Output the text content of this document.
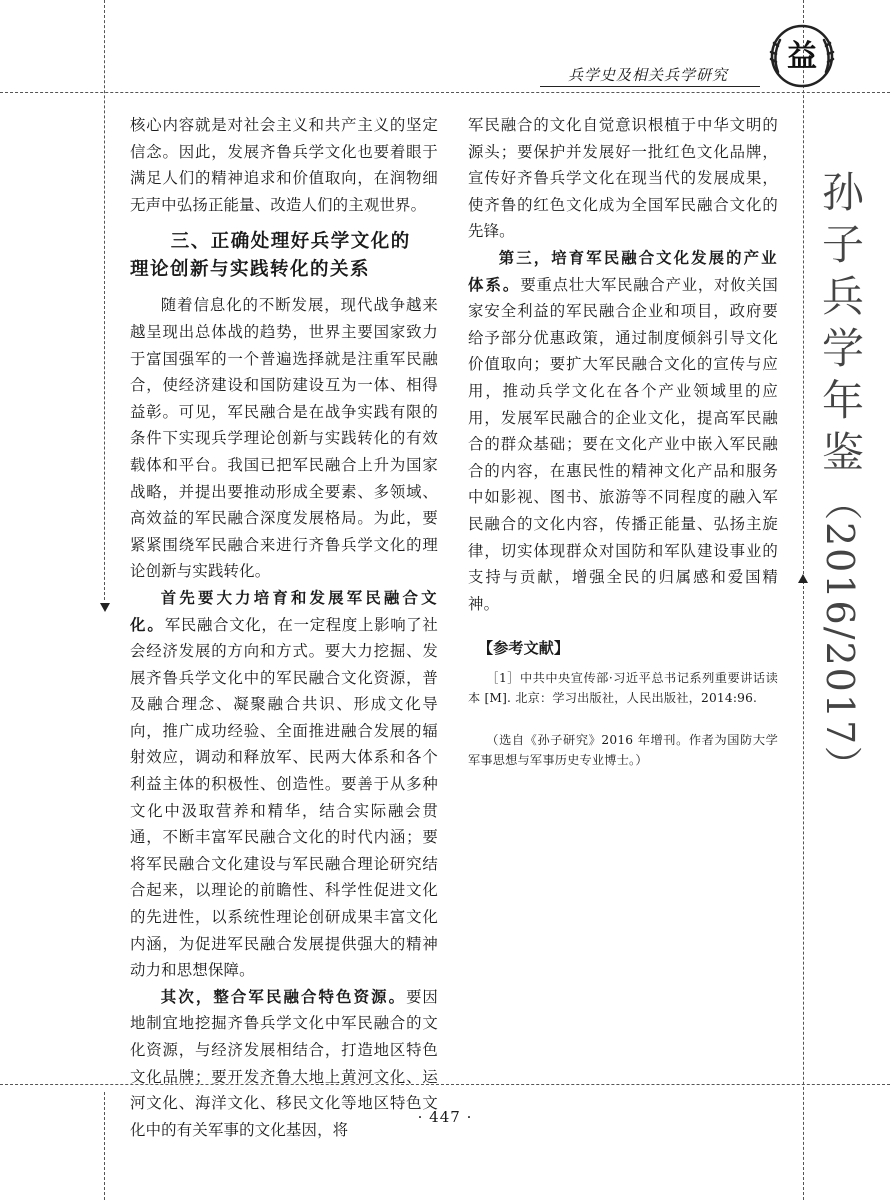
兵学史及相关兵学研究
益
孙子兵学年鉴（2016/2017）

核心内容就是对社会主义和共产主义的坚定信念。因此，发展齐鲁兵学文化也要着眼于满足人们的精神追求和价值取向，在润物细无声中弘扬正能量、改造人们的主观世界。

三、正确处理好兵学文化的
理论创新与实践转化的关系

随着信息化的不断发展，现代战争越来越呈现出总体战的趋势，世界主要国家致力于富国强军的一个普遍选择就是注重军民融合，使经济建设和国防建设互为一体、相得益彰。可见，军民融合是在战争实践有限的条件下实现兵学理论创新与实践转化的有效载体和平台。我国已把军民融合上升为国家战略，并提出要推动形成全要素、多领域、高效益的军民融合深度发展格局。为此，要紧紧围绕军民融合来进行齐鲁兵学文化的理论创新与实践转化。

首先要大力培育和发展军民融合文化。军民融合文化，在一定程度上影响了社会经济发展的方向和方式。要大力挖掘、发展齐鲁兵学文化中的军民融合文化资源，普及融合理念、凝聚融合共识、形成文化导向，推广成功经验、全面推进融合发展的辐射效应，调动和释放军、民两大体系和各个利益主体的积极性、创造性。要善于从多种文化中汲取营养和精华，结合实际融会贯通，不断丰富军民融合文化的时代内涵；要将军民融合文化建设与军民融合理论研究结合起来，以理论的前瞻性、科学性促进文化的先进性，以系统性理论创研成果丰富文化内涵，为促进军民融合发展提供强大的精神动力和思想保障。

其次，整合军民融合特色资源。要因地制宜地挖掘齐鲁兵学文化中军民融合的文化资源，与经济发展相结合，打造地区特色文化品牌；要开发齐鲁大地上黄河文化、运河文化、海洋文化、移民文化等地区特色文化中的有关军事的文化基因，将

军民融合的文化自觉意识根植于中华文明的源头；要保护并发展好一批红色文化品牌，宣传好齐鲁兵学文化在现当代的发展成果，使齐鲁的红色文化成为全国军民融合文化的先锋。

第三，培育军民融合文化发展的产业体系。要重点壮大军民融合产业，对攸关国家安全利益的军民融合企业和项目，政府要给予部分优惠政策，通过制度倾斜引导文化价值取向；要扩大军民融合文化的宣传与应用，推动兵学文化在各个产业领域里的应用，发展军民融合的企业文化，提高军民融合的群众基础；要在文化产业中嵌入军民融合的内容，在惠民性的精神文化产品和服务中如影视、图书、旅游等不同程度的融入军民融合的文化内容，传播正能量、弘扬主旋律，切实体现群众对国防和军队建设事业的支持与贡献，增强全民的归属感和爱国精神。

【参考文献】

［1］中共中央宣传部·习近平总书记系列重要讲话读本 [M]. 北京：学习出版社，人民出版社，2014:96.

（选自《孙子研究》2016 年增刊。作者为国防大学军事思想与军事历史专业博士。）

· 447 ·
